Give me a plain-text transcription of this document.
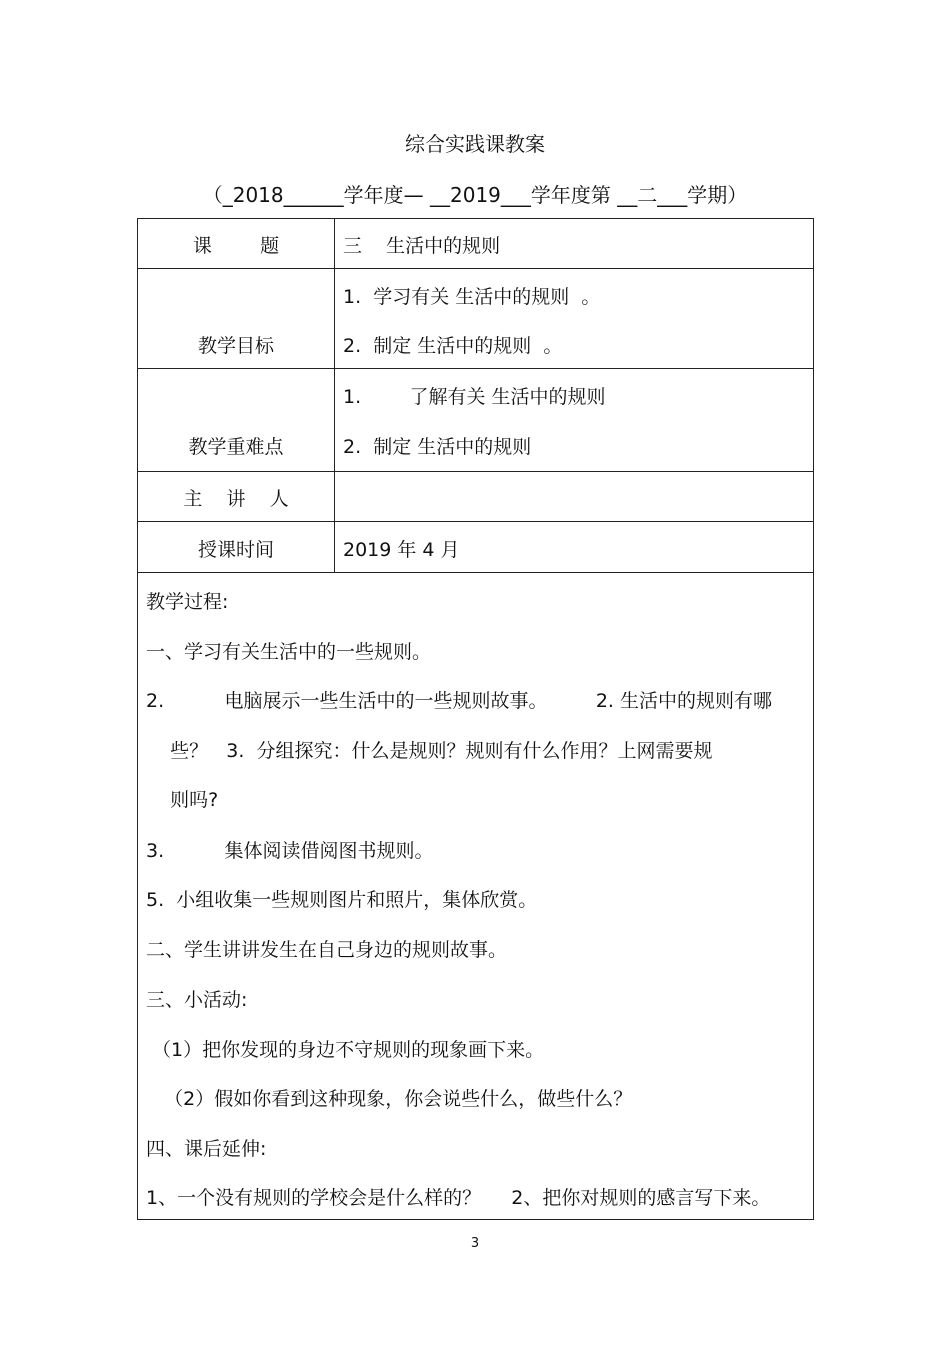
综合实践课教案
（_2018______学年度— __2019___学年度第 __二___学期）
课        题	三    生活中的规则
教学目标
1.  学习有关 生活中的规则  。
2.  制定 生活中的规则  。
教学重难点
1.        了解有关 生活中的规则
2.  制定 生活中的规则
主    讲    人
授课时间	2019 年 4 月
教学过程:
一、学习有关生活中的一些规则。
2.          电脑展示一些生活中的一些规则故事。        2. 生活中的规则有哪
些？   3.  分组探究：什么是规则？规则有什么作用？上网需要规
则吗?
3.          集体阅读借阅图书规则。
5.  小组收集一些规则图片和照片，集体欣赏。
二、学生讲讲发生在自己身边的规则故事。
三、小活动:
（1）把你发现的身边不守规则的现象画下来。
（2）假如你看到这种现象，你会说些什么，做些什么？
四、课后延伸:
1、一个没有规则的学校会是什么样的？     2、把你对规则的感言写下来。
3
